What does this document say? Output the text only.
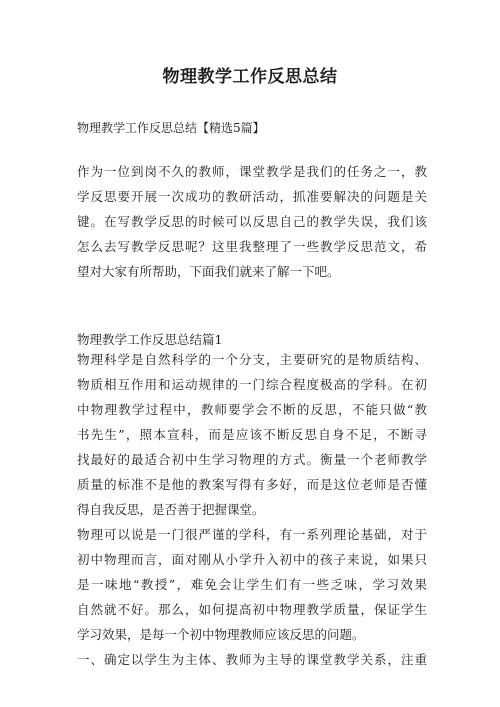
物理教学工作反思总结
物理教学工作反思总结【精选5篇】
作为一位到岗不久的教师，课堂教学是我们的任务之一，教
学反思要开展一次成功的教研活动，抓准要解决的问题是关
键。在写教学反思的时候可以反思自己的教学失误，我们该
怎么去写教学反思呢？这里我整理了一些教学反思范文，希
望对大家有所帮助，下面我们就来了解一下吧。
物理教学工作反思总结篇1
物理科学是自然科学的一个分支，主要研究的是物质结构、
物质相互作用和运动规律的一门综合程度极高的学科。在初
中物理教学过程中，教师要学会不断的反思，不能只做“教
书先生”，照本宣科，而是应该不断反思自身不足，不断寻
找最好的最适合初中生学习物理的方式。衡量一个老师教学
质量的标准不是他的教案写得有多好，而是这位老师是否懂
得自我反思，是否善于把握课堂。
物理可以说是一门很严谨的学科，有一系列理论基础，对于
初中物理而言，面对刚从小学升入初中的孩子来说，如果只
是一味地“教授”，难免会让学生们有一些乏味，学习效果
自然就不好。那么，如何提高初中物理教学质量，保证学生
学习效果，是每一个初中物理教师应该反思的问题。
一、确定以学生为主体、教师为主导的课堂教学关系，注重
